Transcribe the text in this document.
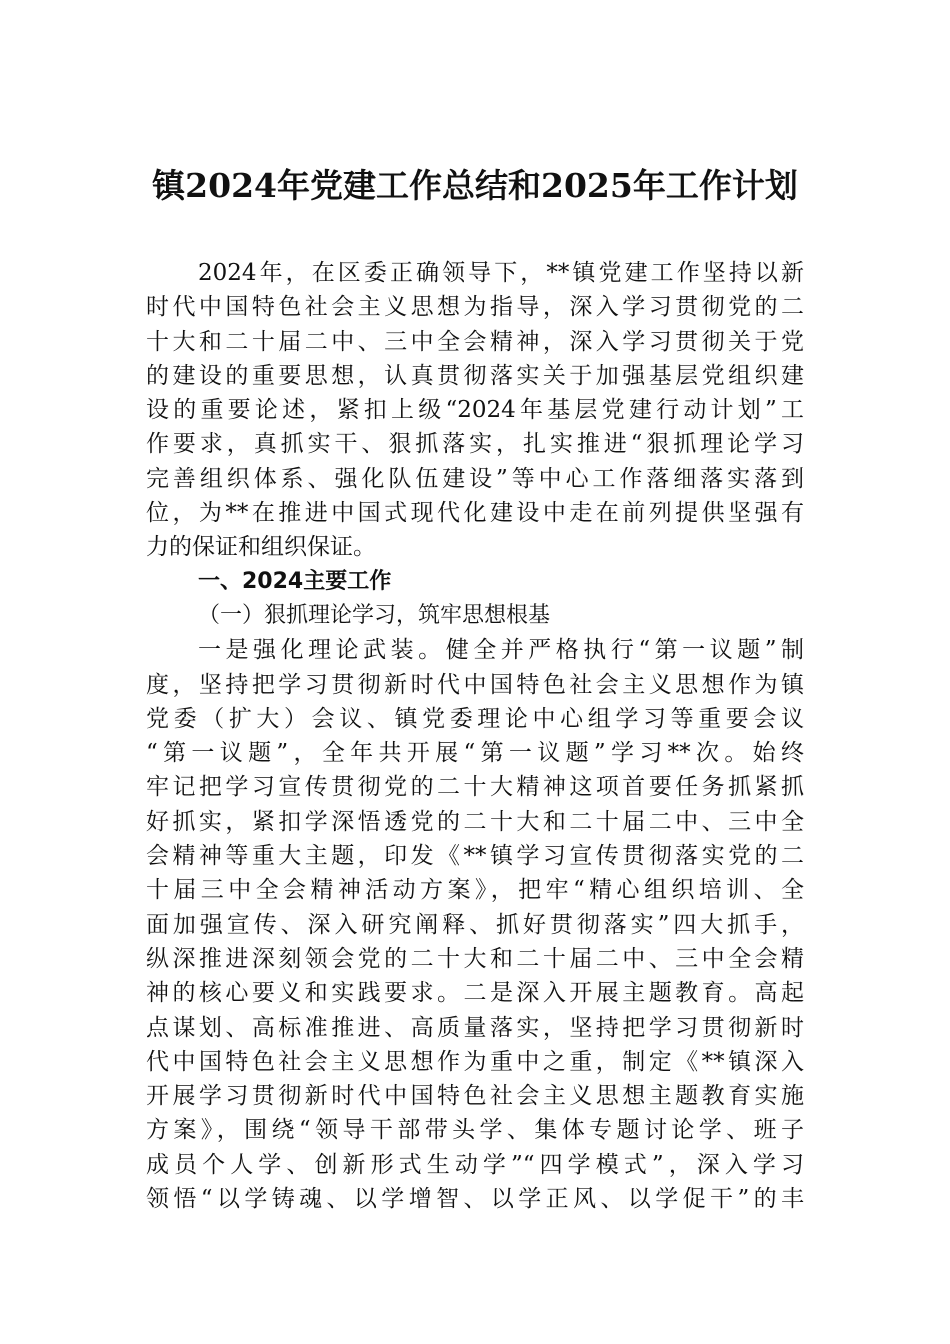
镇2024年党建工作总结和2025年工作计划
2024年，在区委正确领导下，**镇党建工作坚持以新
时代中国特色社会主义思想为指导，深入学习贯彻党的二
十大和二十届二中、三中全会精神，深入学习贯彻关于党
的建设的重要思想，认真贯彻落实关于加强基层党组织建
设的重要论述，紧扣上级“2024年基层党建行动计划”工
作要求，真抓实干、狠抓落实，扎实推进“狠抓理论学习
完善组织体系、强化队伍建设”等中心工作落细落实落到
位，为**在推进中国式现代化建设中走在前列提供坚强有
力的保证和组织保证。
一、2024主要工作
（一）狠抓理论学习，筑牢思想根基
一是强化理论武装。健全并严格执行“第一议题”制
度，坚持把学习贯彻新时代中国特色社会主义思想作为镇
党委（扩大）会议、镇党委理论中心组学习等重要会议
“第一议题”，全年共开展“第一议题”学习**次。始终
牢记把学习宣传贯彻党的二十大精神这项首要任务抓紧抓
好抓实，紧扣学深悟透党的二十大和二十届二中、三中全
会精神等重大主题，印发《**镇学习宣传贯彻落实党的二
十届三中全会精神活动方案》，把牢“精心组织培训、全
面加强宣传、深入研究阐释、抓好贯彻落实”四大抓手，
纵深推进深刻领会党的二十大和二十届二中、三中全会精
神的核心要义和实践要求。二是深入开展主题教育。高起
点谋划、高标准推进、高质量落实，坚持把学习贯彻新时
代中国特色社会主义思想作为重中之重，制定《**镇深入
开展学习贯彻新时代中国特色社会主义思想主题教育实施
方案》，围绕“领导干部带头学、集体专题讨论学、班子
成员个人学、创新形式生动学”“四学模式”，深入学习
领悟“以学铸魂、以学增智、以学正风、以学促干”的丰
